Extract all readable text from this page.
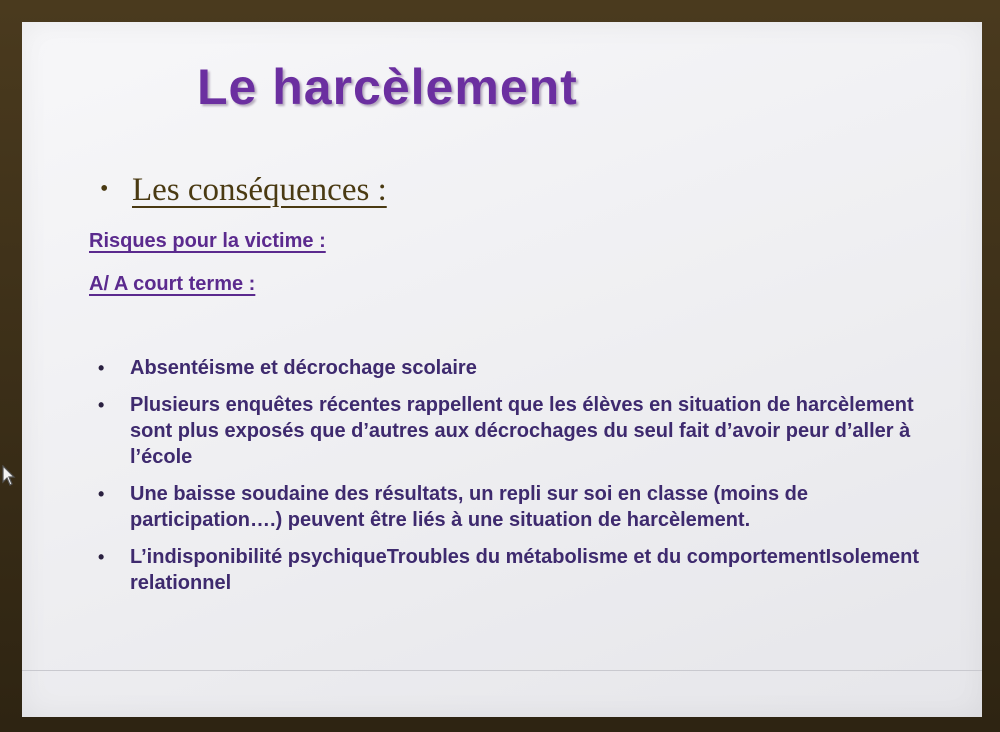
Le harcèlement
• Les conséquences :
Risques pour la victime :
A/ A court terme :
• Absentéisme et décrochage scolaire
• Plusieurs enquêtes récentes rappellent que les élèves en situation de harcèlement sont plus exposés que d’autres aux décrochages du seul fait d’avoir peur d’aller à l’école
• Une baisse soudaine des résultats, un repli sur soi en classe (moins de participation….) peuvent être liés à une situation de harcèlement.
• L’indisponibilité psychiqueTroubles du métabolisme et du comportementIsolement relationnel
